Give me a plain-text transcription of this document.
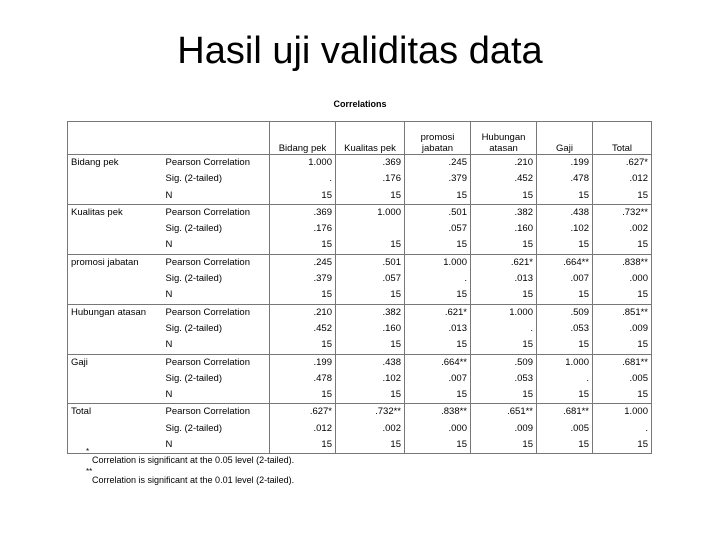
Hasil uji validitas data
Correlations
		Bidang pek	Kualitas pek	promosi jabatan	Hubungan atasan	Gaji	Total
Bidang pek	Pearson Correlation	1.000	.369	.245	.210	.199	.627*
	Sig. (2-tailed)	.	.176	.379	.452	.478	.012
	N	15	15	15	15	15	15
Kualitas pek	Pearson Correlation	.369	1.000	.501	.382	.438	.732**
	Sig. (2-tailed)	.176		.057	.160	.102	.002
	N	15	15	15	15	15	15
promosi jabatan	Pearson Correlation	.245	.501	1.000	.621*	.664**	.838**
	Sig. (2-tailed)	.379	.057	.	.013	.007	.000
	N	15	15	15	15	15	15
Hubungan atasan	Pearson Correlation	.210	.382	.621*	1.000	.509	.851**
	Sig. (2-tailed)	.452	.160	.013	.	.053	.009
	N	15	15	15	15	15	15
Gaji	Pearson Correlation	.199	.438	.664**	.509	1.000	.681**
	Sig. (2-tailed)	.478	.102	.007	.053	.	.005
	N	15	15	15	15	15	15
Total	Pearson Correlation	.627*	.732**	.838**	.651**	.681**	1.000
	Sig. (2-tailed)	.012	.002	.000	.009	.005	.
	N	15	15	15	15	15	15
*
Correlation is significant at the 0.05 level (2-tailed).
**
Correlation is significant at the 0.01 level (2-tailed).
